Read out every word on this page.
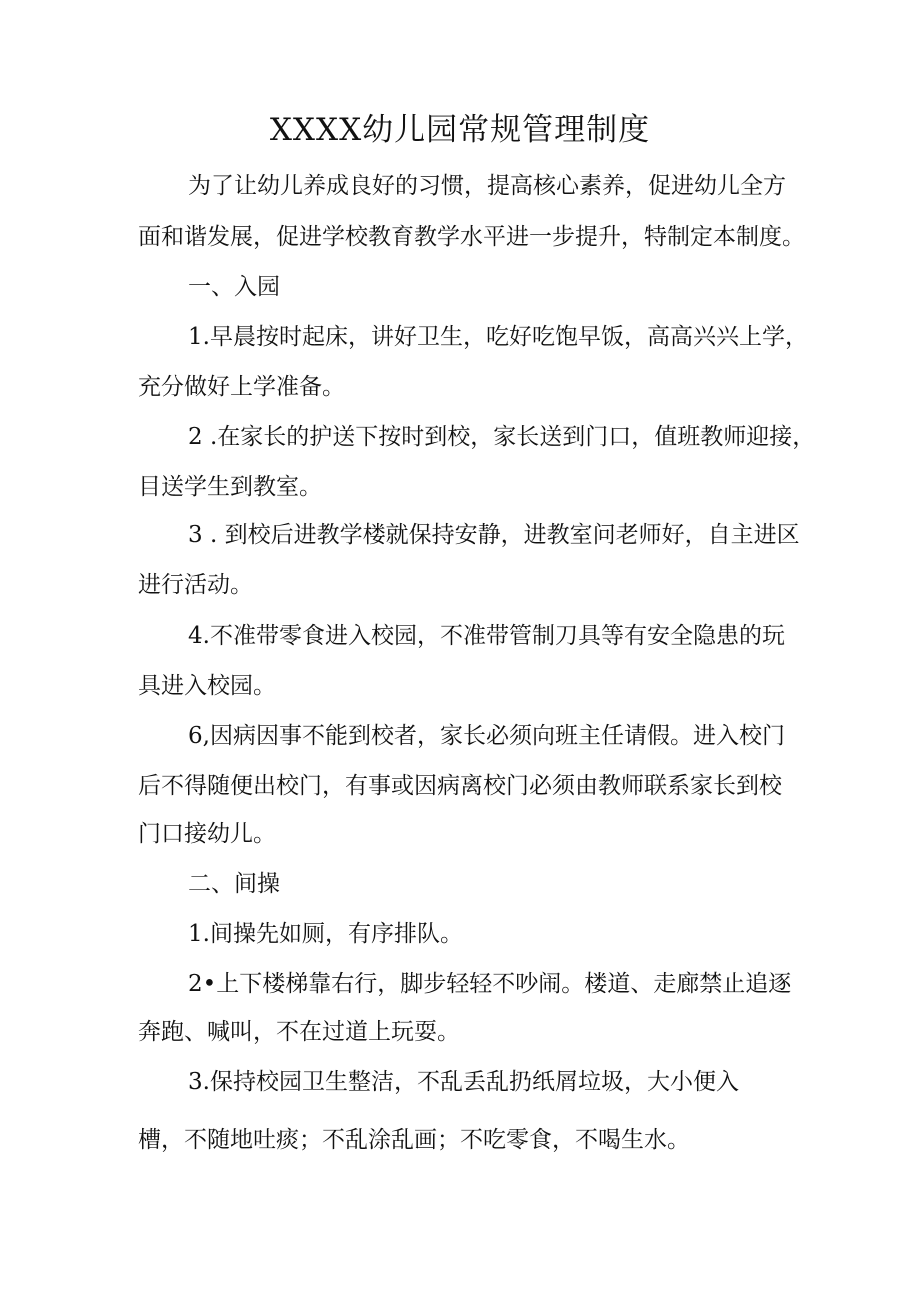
XXXX幼儿园常规管理制度
为了让幼儿养成良好的习惯，提高核心素养，促进幼儿全方
面和谐发展，促进学校教育教学水平进一步提升，特制定本制度。
一、入园
1.早晨按时起床，讲好卫生，吃好吃饱早饭，高高兴兴上学，
充分做好上学准备。
2 .在家长的护送下按时到校，家长送到门口，值班教师迎接，
目送学生到教室。
3 . 到校后进教学楼就保持安静，进教室问老师好，自主进区
进行活动。
4.不准带零食进入校园，不准带管制刀具等有安全隐患的玩
具进入校园。
6,因病因事不能到校者，家长必须向班主任请假。进入校门
后不得随便出校门，有事或因病离校门必须由教师联系家长到校
门口接幼儿。
二、间操
1.间操先如厕，有序排队。
2•上下楼梯靠右行，脚步轻轻不吵闹。楼道、走廊禁止追逐
奔跑、喊叫，不在过道上玩耍。
3.保持校园卫生整洁，不乱丢乱扔纸屑垃圾，大小便入
槽，不随地吐痰；不乱涂乱画；不吃零食，不喝生水。
